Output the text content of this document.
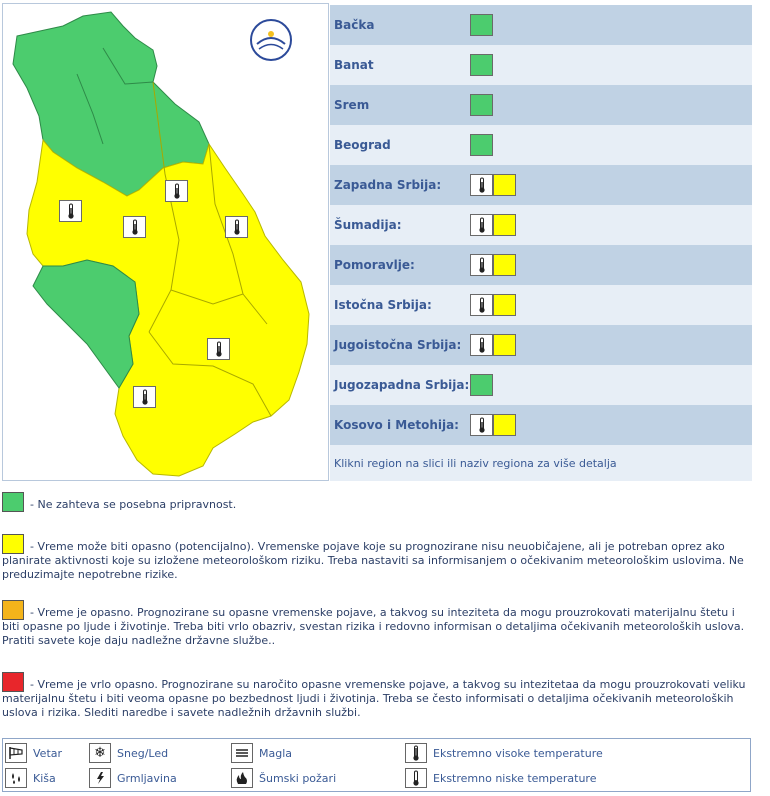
Bačka
Banat
Srem
Beograd
Zapadna Srbija:
Šumadija:
Pomoravlje:
Istočna Srbija:
Jugoistočna Srbija:
Jugozapadna Srbija:
Kosovo i Metohija:
Klikni region na slici ili naziv regiona za više detalja
- Ne zahteva se posebna pripravnost.
- Vreme može biti opasno (potencijalno). Vremenske pojave koje su prognozirane nisu neuobičajene, ali je potreban oprez ako planirate aktivnosti koje su izložene meteorološkom riziku. Treba nastaviti sa informisanjem o očekivanim meteorološkim uslovima. Ne preduzimajte nepotrebne rizike.
- Vreme je opasno. Prognozirane su opasne vremenske pojave, a takvog su inteziteta da mogu prouzrokovati materijalnu štetu i biti opasne po ljude i životinje. Treba biti vrlo obazriv, svestan rizika i redovno informisan o detaljima očekivanih meteoroloških uslova. Pratiti savete koje daju nadležne državne službe..
- Vreme je vrlo opasno. Prognozirane su naročito opasne vremenske pojave, a takvog su intezitetaa da mogu prouzrokovati veliku materijalnu štetu i biti veoma opasne po bezbednost ljudi i životinja. Treba se često informisati o detaljima očekivanih meteoroloških uslova i rizika. Slediti naredbe i savete nadležnih državnih službi.
Vetar	❄	Sneg/Led	Magla	Ekstremno visoke temperature
Kiša	Grmljavina	Šumski požari	Ekstremno niske temperature
